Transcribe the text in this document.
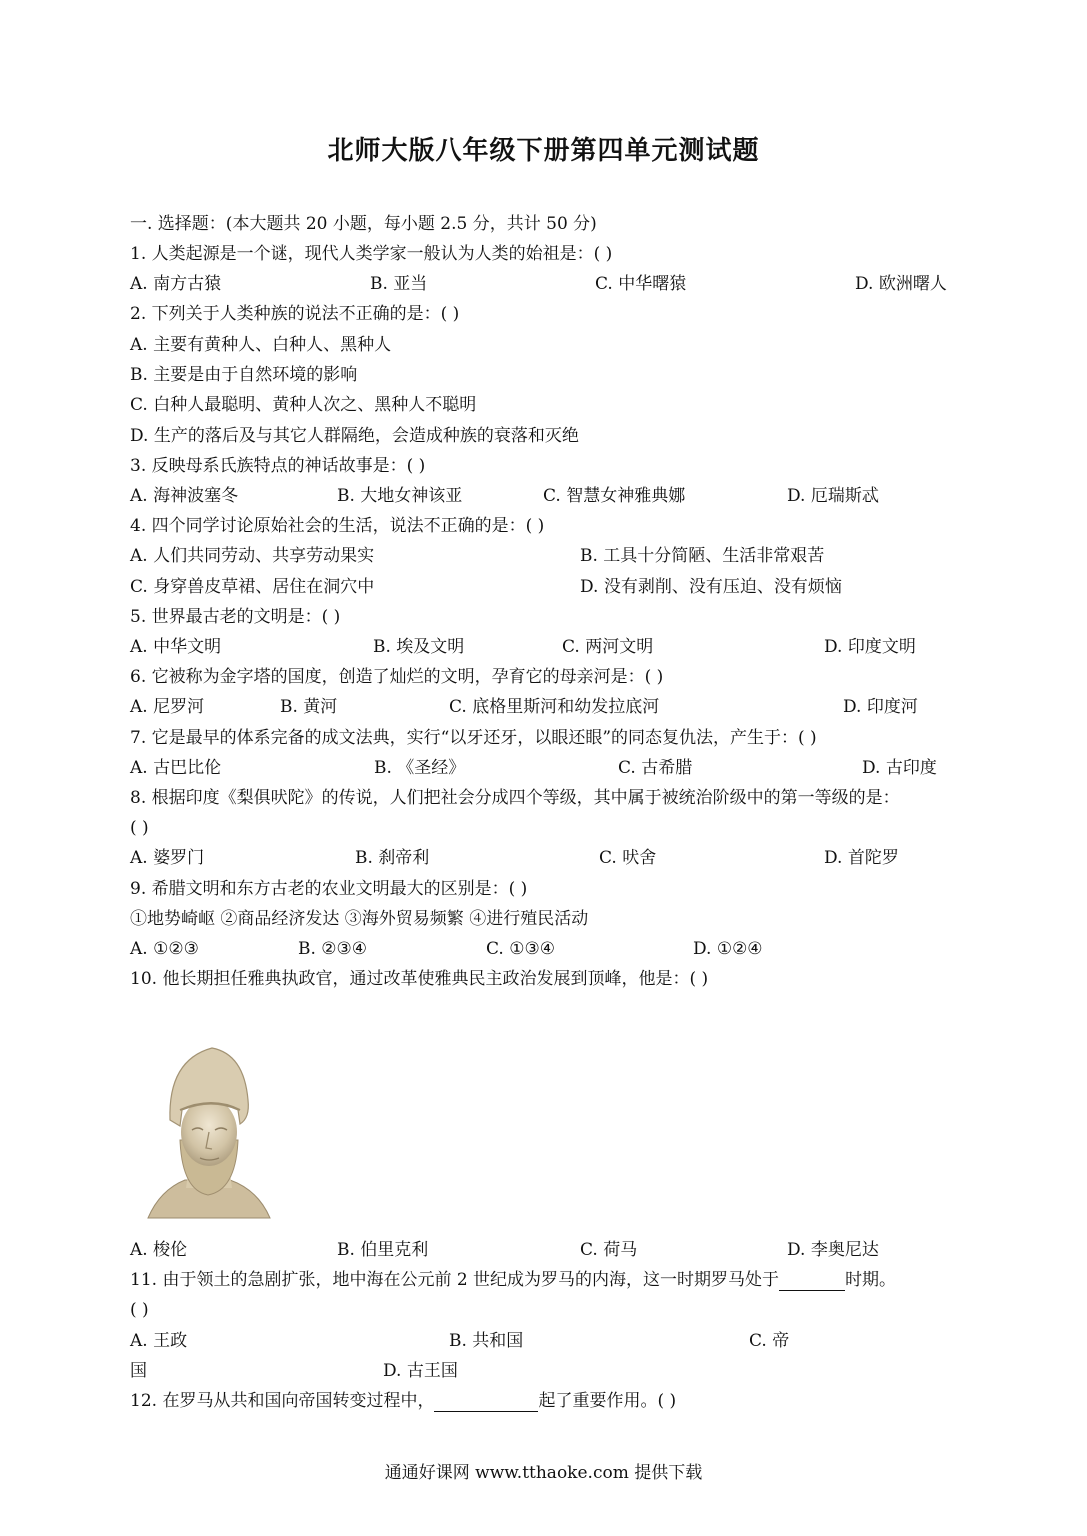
北师大版八年级下册第四单元测试题
一. 选择题：(本大题共 20 小题，每小题 2.5 分，共计 50 分)
1. 人类起源是一个谜，现代人类学家一般认为人类的始祖是：( )
A. 南方古猿	B. 亚当	C. 中华曙猿	D. 欧洲曙人
2. 下列关于人类种族的说法不正确的是：( )
A. 主要有黄种人、白种人、黑种人
B. 主要是由于自然环境的影响
C. 白种人最聪明、黄种人次之、黑种人不聪明
D. 生产的落后及与其它人群隔绝，会造成种族的衰落和灭绝
3. 反映母系氏族特点的神话故事是：( )
A. 海神波塞冬	B. 大地女神该亚	C. 智慧女神雅典娜	D. 厄瑞斯忒
4. 四个同学讨论原始社会的生活，说法不正确的是：( )
A. 人们共同劳动、共享劳动果实	B. 工具十分简陋、生活非常艰苦
C. 身穿兽皮草裙、居住在洞穴中	D. 没有剥削、没有压迫、没有烦恼
5. 世界最古老的文明是：( )
A. 中华文明	B. 埃及文明	C. 两河文明	D. 印度文明
6. 它被称为金字塔的国度，创造了灿烂的文明，孕育它的母亲河是：( )
A. 尼罗河	B. 黄河	C. 底格里斯河和幼发拉底河	D. 印度河
7. 它是最早的体系完备的成文法典，实行“以牙还牙，以眼还眼”的同态复仇法，产生于：( )
A. 古巴比伦	B. 《圣经》	C. 古希腊	D. 古印度
8. 根据印度《梨俱吠陀》的传说，人们把社会分成四个等级，其中属于被统治阶级中的第一等级的是：
( )
A. 婆罗门	B. 刹帝利	C. 吠舍	D. 首陀罗
9. 希腊文明和东方古老的农业文明最大的区别是：( )
①地势崎岖 ②商品经济发达 ③海外贸易频繁 ④进行殖民活动
A. ①②③	B. ②③④	C. ①③④	D. ①②④
10. 他长期担任雅典执政官，通过改革使雅典民主政治发展到顶峰，他是：( )
A. 梭伦	B. 伯里克利	C. 荷马	D. 李奥尼达
11. 由于领土的急剧扩张，地中海在公元前 2 世纪成为罗马的内海，这一时期罗马处于	时期。
( )
A. 王政	B. 共和国	C. 帝
国	D. 古王国
12. 在罗马从共和国向帝国转变过程中，	起了重要作用。( )
通通好课网 www.tthaoke.com 提供下载
